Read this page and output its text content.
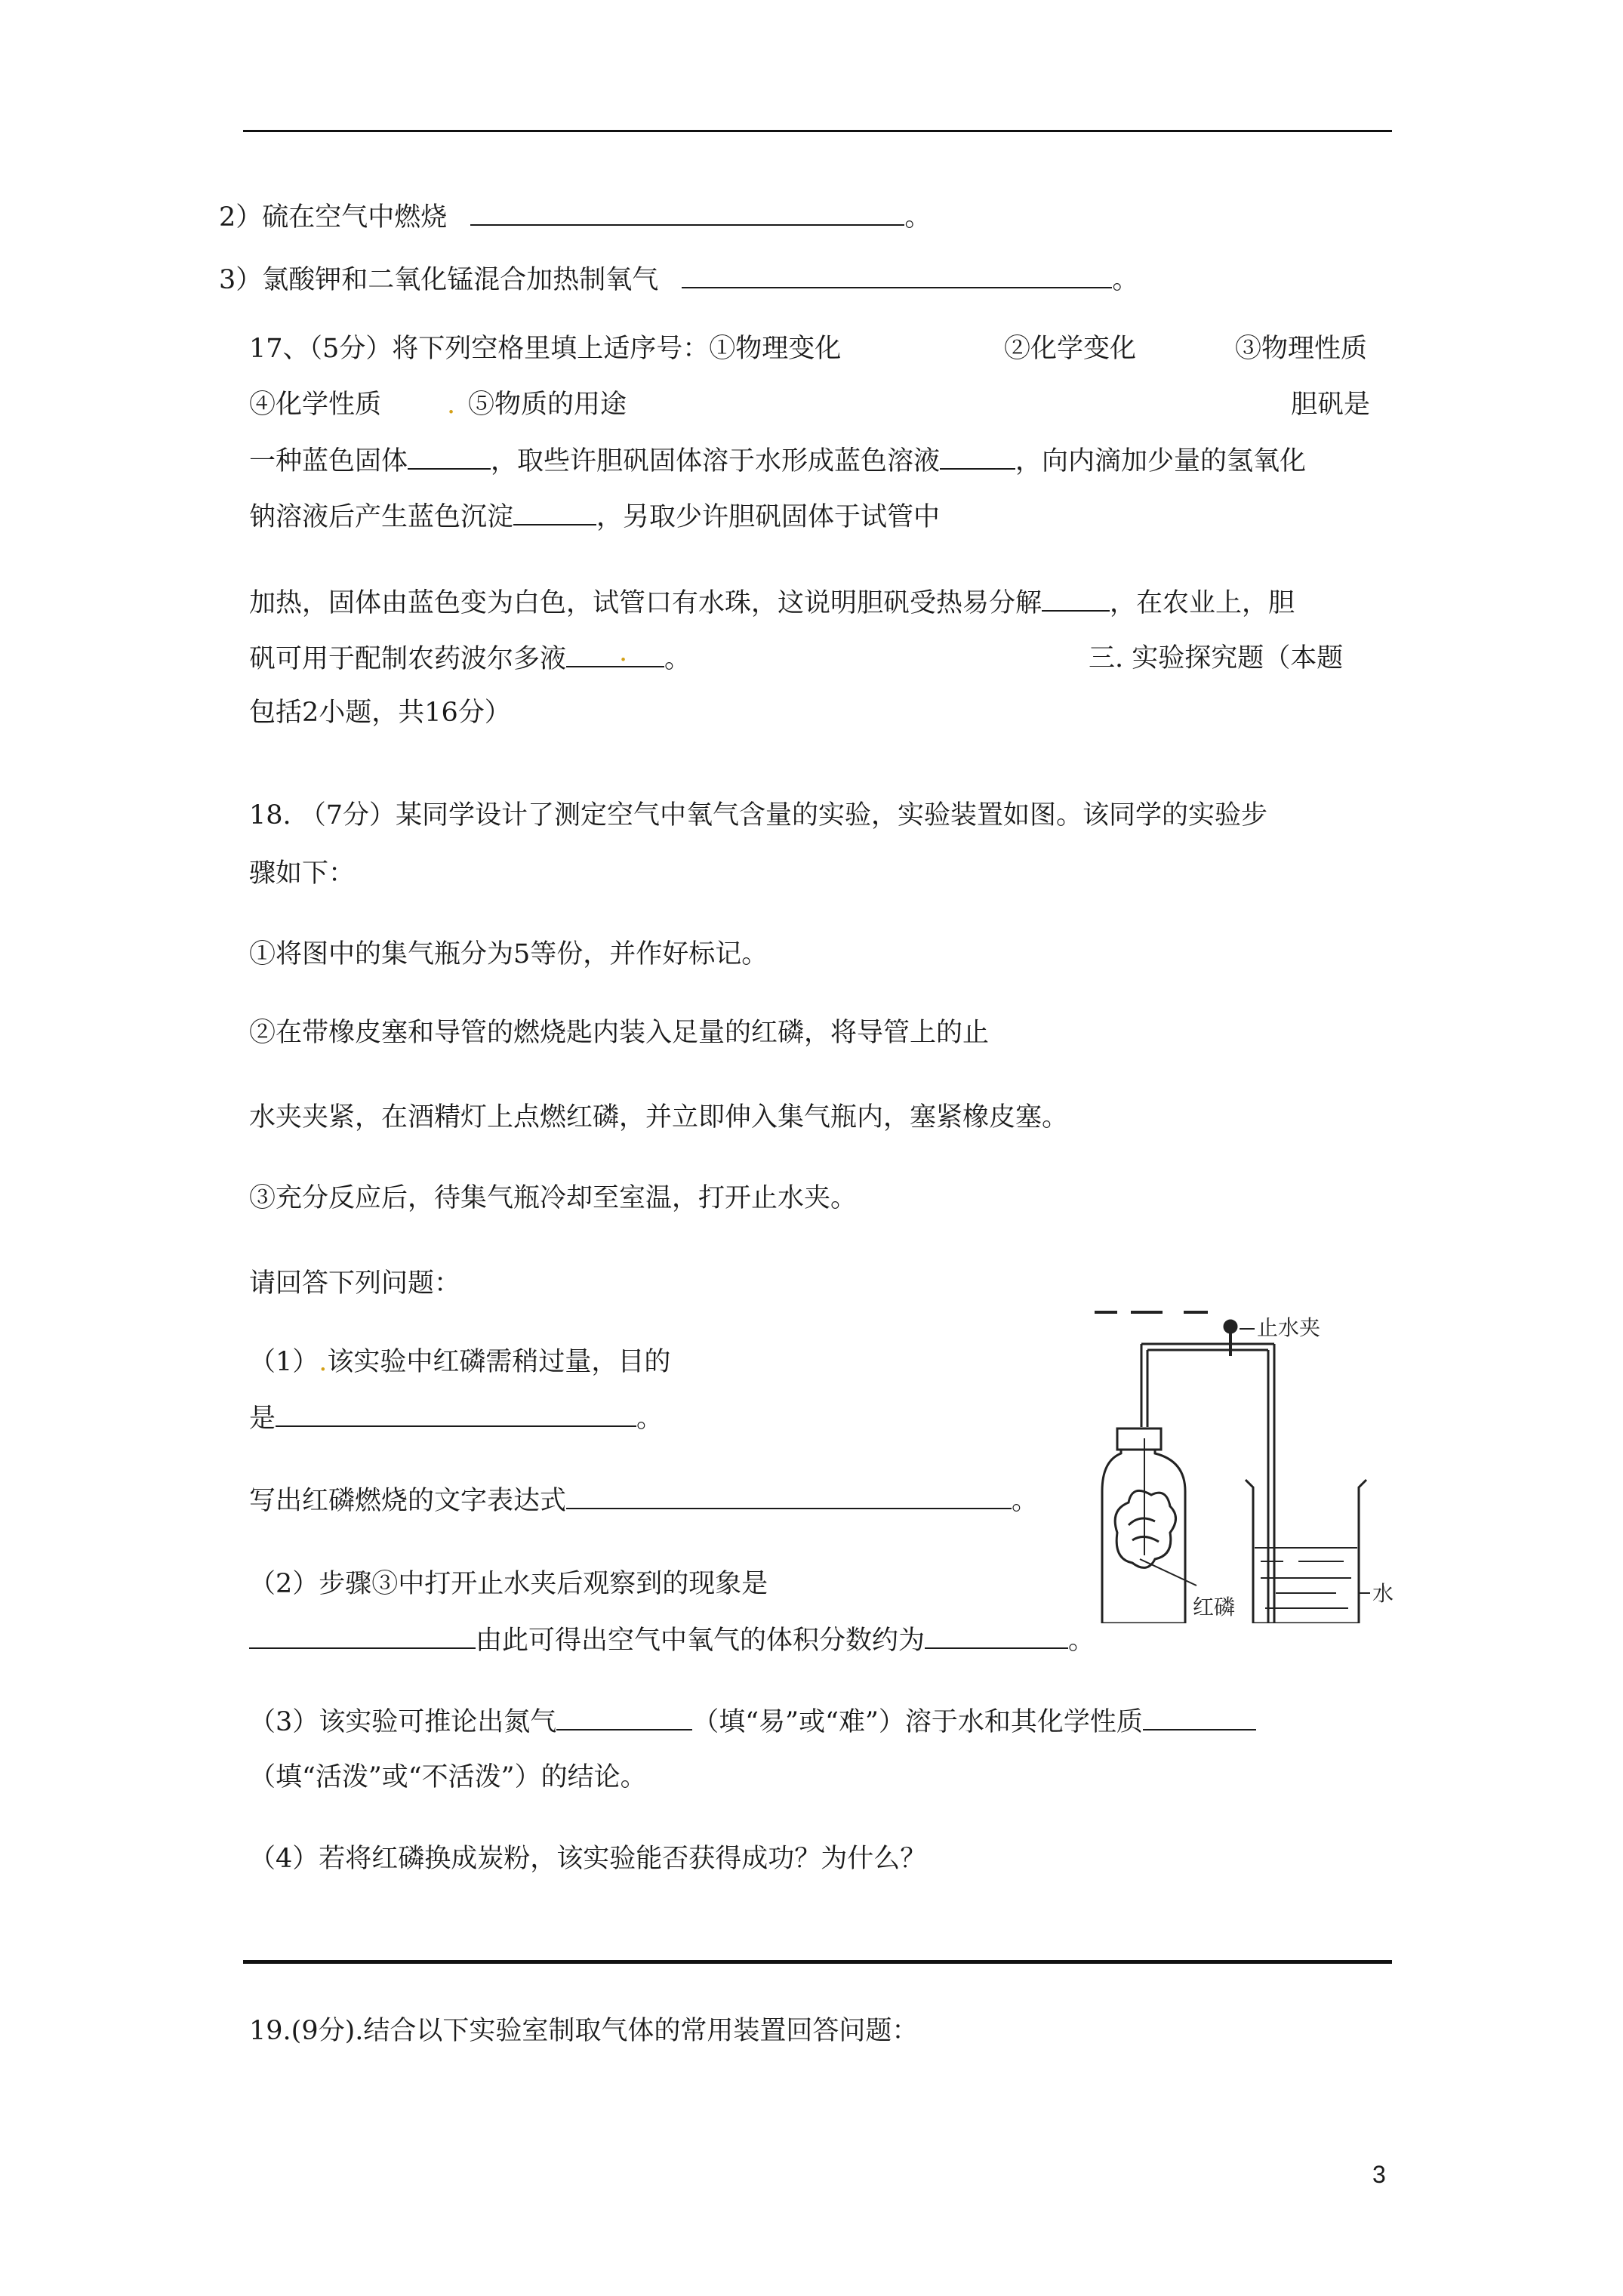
2）硫在空气中燃烧	。
3）氯酸钾和二氧化锰混合加热制氧气	。
17、（5分）将下列空格里填上适序号：①物理变化	②化学变化	③物理性质
④化学性质 . ⑤物质的用途	胆矾是
一种蓝色固体	，取些许胆矾固体溶于水形成蓝色溶液	，向内滴加少量的氢氧化
钠溶液后产生蓝色沉淀	，另取少许胆矾固体于试管中
加热，固体由蓝色变为白色，试管口有水珠，这说明胆矾受热易分解	，在农业上，胆
矾可用于配制农药波尔多液 . 。	三. 实验探究题（本题
包括2小题，共16分）
18. （7分）某同学设计了测定空气中氧气含量的实验，实验装置如图。该同学的实验步
骤如下：
①将图中的集气瓶分为5等份，并作好标记。
②在带橡皮塞和导管的燃烧匙内装入足量的红磷，将导管上的止
水夹夹紧，在酒精灯上点燃红磷，并立即伸入集气瓶内，塞紧橡皮塞。
③充分反应后，待集气瓶冷却至室温，打开止水夹。
请回答下列问题：
（1）.该实验中红磷需稍过量，目的
是	。
写出红磷燃烧的文字表达式	。
（2）步骤③中打开止水夹后观察到的现象是
由此可得出空气中氧气的体积分数约为	。
（3）该实验可推论出氮气	（填“易”或“难”）溶于水和其化学性质
（填“活泼”或“不活泼”）的结论。
（4）若将红磷换成炭粉，该实验能否获得成功？为什么？
止水夹
红磷
水
19.(9分).结合以下实验室制取气体的常用装置回答问题：
3
